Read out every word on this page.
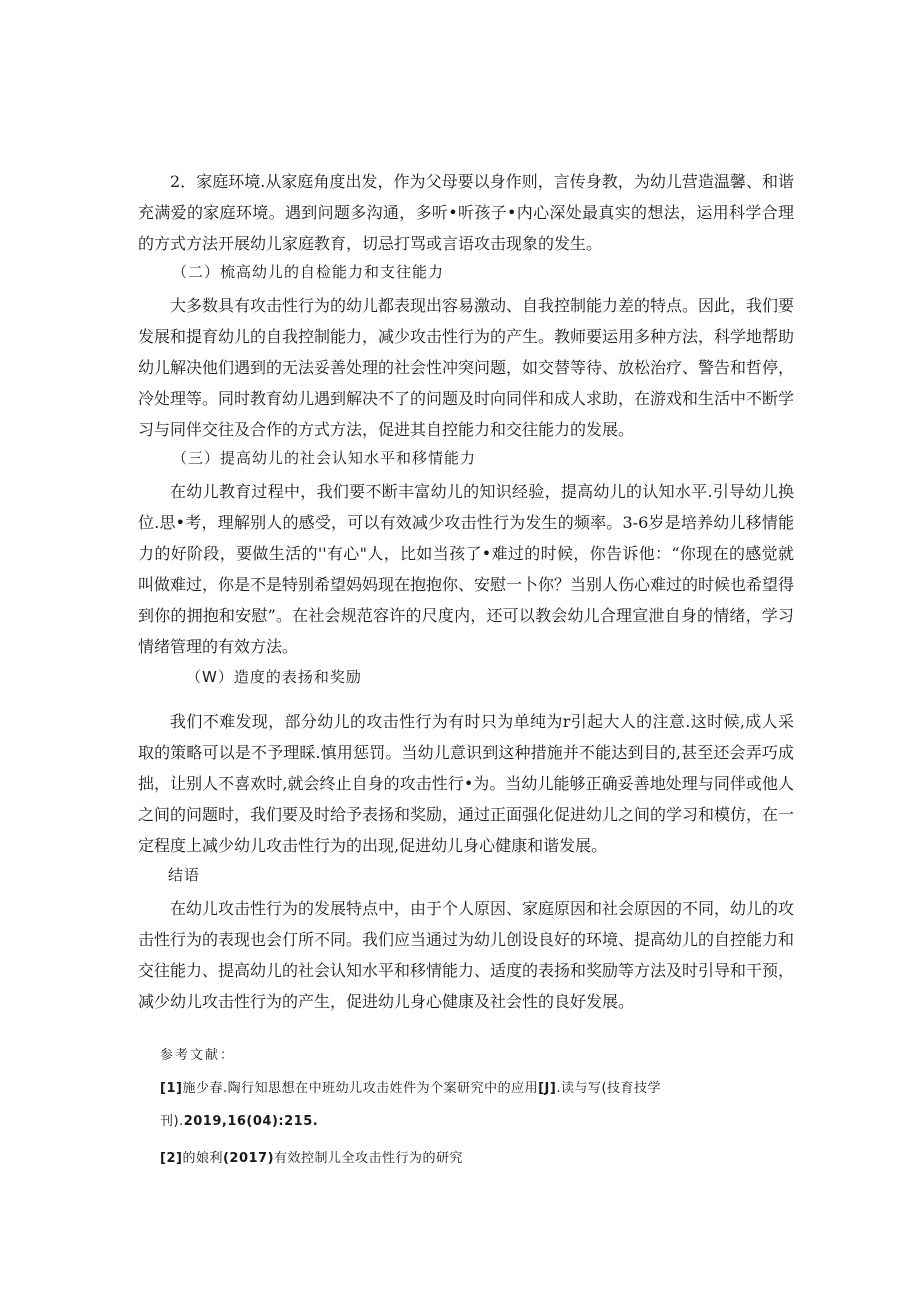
2．家庭环境.从家庭角度出发，作为父母要以身作则，言传身教，为幼儿营造温馨、和谐充满爱的家庭环境。遇到问题多沟通，多听•听孩子•内心深处最真实的想法，运用科学合理的方式方法开展幼儿家庭教育，切忌打骂或言语攻击现象的发生。

（二）梳高幼儿的自检能力和支往能力

大多数具有攻击性行为的幼儿都表现出容易激动、自我控制能力差的特点。因此，我们要发展和提育幼儿的自我控制能力，减少攻击性行为的产生。教师要运用多种方法，科学地帮助幼儿解决他们遇到的无法妥善处理的社会性冲突问题，如交替等待、放松治疗、警告和哲停，冷处理等。同时教育幼儿遇到解决不了的问题及时向同伴和成人求助，在游戏和生活中不断学习与同伴交往及合作的方式方法，促进其自控能力和交往能力的发展。

（三）提高幼儿的社会认知水平和移情能力

在幼儿教育过程中，我们要不断丰富幼儿的知识经验，提高幼儿的认知水平.引导幼儿换位.思•考，理解别人的感受，可以有效减少攻击性行为发生的频率。3-6岁是培养幼儿移情能力的好阶段，要做生活的''有心"人，比如当孩了•难过的时候，你告诉他：“你现在的感觉就叫做难过，你是不是特别希望妈妈现在抱抱你、安慰一卜你？当别人伤心难过的时候也希望得到你的拥抱和安慰”。在社会规范容许的尺度内，还可以教会幼儿合理宣泄自身的情绪，学习情绪管理的有效方法。

（W）造度的表扬和奖励

我们不难发现，部分幼儿的攻击性行为有时只为单纯为r引起大人的注意.这时候,成人采取的策略可以是不予理睬.慎用惩罚。当幼儿意识到这种措施并不能达到目的,甚至还会弄巧成拙，让别人不喜欢时,就会终止自身的攻击性行•为。当幼儿能够正确妥善地处理与同伴或他人之间的问题时，我们要及时给予表扬和奖励，通过正面强化促进幼儿之间的学习和模仿，在一定程度上减少幼儿攻击性行为的出现,促进幼儿身心健康和谐发展。

结语

在幼儿攻击性行为的发展特点中，由于个人原因、家庭原因和社会原因的不同，幼儿的攻击性行为的表现也会仃所不同。我们应当通过为幼儿创设良好的环境、提高幼儿的自控能力和交往能力、提高幼儿的社会认知水平和移情能力、适度的表扬和奖励等方法及时引导和干预，减少幼儿攻击性行为的产生，促进幼儿身心健康及社会性的良好发展。

参考文献：
[1]施少春.陶行知思想在中班幼儿攻击姓件为个案研究中的应用[J].读与写(技育技学
刊).2019,16(04):215.
[2]的娘利(2017)有效控制儿全攻击性行为的研究
